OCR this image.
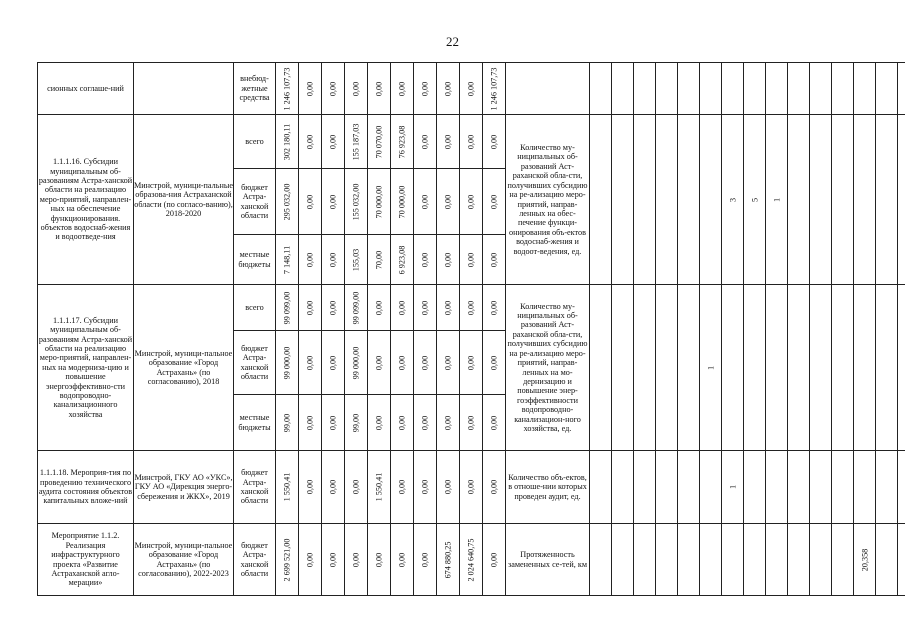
22
сионных соглаше-ний		внебюд-жетные средства	1 246 107,73	0,00	0,00	0,00	0,00	0,00	0,00	0,00	0,00	1 246 107,73																

1.1.1.16. Субсидии муниципальным об-разованиям Астра-ханской области на реализацию меро-приятий, направлен-ных на обеспечение функционирования. объектов водоснаб-жения и водоотведе-ния	Минстрой, муници-пальные образова-ния Астраханской области (по согласо-ванию), 2018-2020	всего	302 180,11	0,00	0,00	155 187,03	70 070,00	76 923,08	0,00	0,00	0,00	0,00	Количество му-ниципальных об-разований Аст-раханской обла-сти, получивших субсидию на ре-ализацию меро-приятий, направ-ленных на обес-печение функци-онирования объ-ектов водоснаб-жения и водоот-ведения, ед.							3	5	1						

		бюджет Астра-ханской области	295 032,00	0,00	0,00	155 032,00	70 000,00	70 000,00	0,00	0,00	0,00	0,00																

		местные бюджеты	7 148,11	0,00	0,00	155,03	70,00	6 923,08	0,00	0,00	0,00	0,00																

1.1.1.17. Субсидии муниципальным об-разованиям Астра-ханской области на реализацию меро-приятий, направлен-ных на модерниза-цию и повышение энергоэффективно-сти водопроводно-канализационного хозяйства	Минстрой, муници-пальное образование «Город Астрахань» (по согласованию), 2018	всего	99 099,00	0,00	0,00	99 099,00	0,00	0,00	0,00	0,00	0,00	0,00	Количество му-ниципальных об-разований Аст-раханской обла-сти, получивших субсидию на ре-ализацию меро-приятий, направ-ленных на мо-дернизацию и повышение энер-гоэффективности водопроводно-канализацион-ного хозяйства, ед.						1									

		бюджет Астра-ханской области	99 000,00	0,00	0,00	99 000,00	0,00	0,00	0,00	0,00	0,00	0,00																

		местные бюджеты	99,00	0,00	0,00	99,00	0,00	0,00	0,00	0,00	0,00	0,00																

1.1.1.18. Мероприя-тия по проведению технического аудита состояния объектов капитальных вложе-ний	Минстрой, ГКУ АО «УКС», ГКУ АО «Дирекция энерго-сбережения и ЖКХ», 2019	бюджет Астра-ханской области	1 550,41	0,00	0,00	0,00	1 550,41	0,00	0,00	0,00	0,00	0,00	Количество объ-ектов, в отноше-нии которых проведен аудит, ед.							1								

Мероприятие 1.1.2. Реализация инфраструктурного проекта «Развитие Астраханской агло-мерации»	Минстрой, муници-пальное образование «Город Астрахань» (по согласованию), 2022-2023	бюджет Астра-ханской области	2 699 521,00	0,00	0,00	0,00	0,00	0,00	0,00	674 880,25	2 024 640,75	0,00	Протяженность замененных се-тей, км													20,358		
